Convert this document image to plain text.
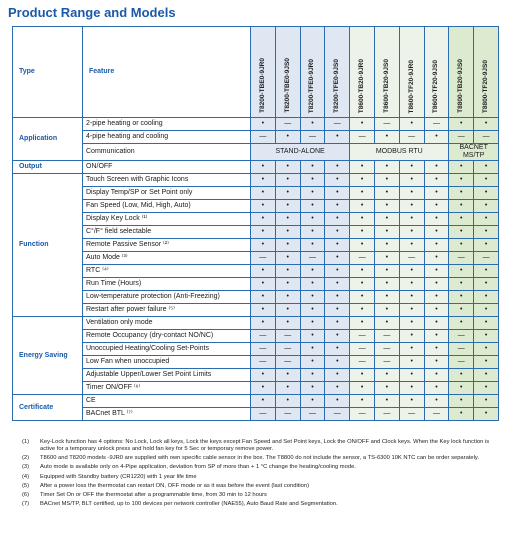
Product Range and Models
Type	Feature	T8200-TBE0-9JR0	T8200-TBE0-9JS0	T8200-TFE0-9JR0	T8200-TFE0-9JS0	T8600-TB20-9JR0	T8600-TB20-9JS0	T8600-TF20-9JR0	T8600-TF20-9JS0	T8800-TB20-9JS0	T8800-TF20-9JS0

Application	2-pipe heating or cooling	•	—	•	—	•	—	•	—	•	•
	4-pipe heating and cooling	—	•	—	•	—	•	—	•	—	—
	Communication	STAND-ALONE				MODBUS RTU				BACNET MS/TP	
Output	ON/OFF	•	•	•	•	•	•	•	•	•	•
Function	Touch Screen with Graphic Icons	•	•	•	•	•	•	•	•	•	•
	Display Temp/SP or Set Point only	•	•	•	•	•	•	•	•	•	•
	Fan Speed (Low, Mid, High, Auto)	•	•	•	•	•	•	•	•	•	•
	Display Key Lock ⁽¹⁾	•	•	•	•	•	•	•	•	•	•
	C°/F° field selectable	•	•	•	•	•	•	•	•	•	•
	Remote Passive Sensor ⁽²⁾	•	•	•	•	•	•	•	•	•	•
	Auto Mode ⁽³⁾	—	•	—	•	—	•	—	•	—	—
	RTC ⁽⁴⁾	•	•	•	•	•	•	•	•	•	•
	Run Time (Hours)	•	•	•	•	•	•	•	•	•	•
	Low-temperature protection (Anti-Freezing)	•	•	•	•	•	•	•	•	•	•
	Restart after power failure ⁽⁵⁾	•	•	•	•	•	•	•	•	•	•
Energy Saving	Ventilation only mode	•	•	•	•	•	•	•	•	•	•
	Remote Occupancy (dry-contact NO/NC)	—	—	•	•	—	—	•	•	—	•
	Unoccupied Heating/Cooling Set-Points	—	—	•	•	—	—	•	•	—	•
	Low Fan when unoccupied	—	—	•	•	—	—	•	•	—	•
	Adjustable Upper/Lower Set Point Limits	•	•	•	•	•	•	•	•	•	•
	Timer ON/OFF ⁽⁶⁾	•	•	•	•	•	•	•	•	•	•
Certificate	CE	•	•	•	•	•	•	•	•	•	•
	BACnet BTL ⁽⁷⁾	—	—	—	—	—	—	—	—	•	•
(1)	Key-Lock function has 4 options: No Lock, Lock all keys, Lock the keys except Fan Speed and Set Point keys, Lock the ON/OFF and Clock keys. When the Key lock function is active for a temporary unlock press and hold fan key for 5 Sec or temporary remove power.
(2)	T8600 and T8200 models -9JR0 are supplied with own specific cable sensor in the box. The T8800 do not include the sensor, a TS-6300 10K NTC can be order separately.
(3)	Auto mode is available only on 4-Pipe application, deviation from SP of more than + 1 °C change the heating/cooling mode.
(4)	Equipped with Standby battery (CR1220) with 1 year life time
(5)	After a power loss the thermostat can restart ON, OFF mode or as it was before the event (last condition)
(6)	Timer Set On or OFF the thermostat after a programmable time, from 30 min to 12 hours
(7)	BACnet MS/TP, BLT certified, up to 100 devices per network controller (NAE55), Auto Baud Rate and Segmentation.
